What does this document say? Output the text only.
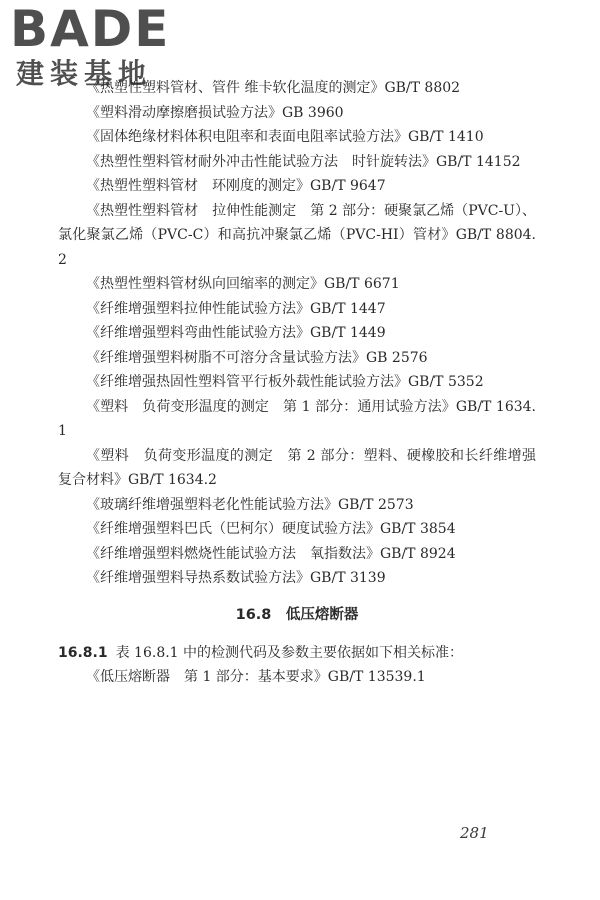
BADE

建装基地

《热塑性塑料管材、管件 维卡软化温度的测定》GB/T 8802

《塑料滑动摩擦磨损试验方法》GB 3960

《固体绝缘材料体积电阻率和表面电阻率试验方法》GB/T 1410

《热塑性塑料管材耐外冲击性能试验方法　时针旋转法》GB/T 14152

《热塑性塑料管材　环刚度的测定》GB/T 9647

《热塑性塑料管材　拉伸性能测定　第 2 部分：硬聚氯乙烯（PVC-U）、氯化聚氯乙烯（PVC-C）和高抗冲聚氯乙烯（PVC-HI）管材》GB/T 8804.2

《热塑性塑料管材纵向回缩率的测定》GB/T 6671

《纤维增强塑料拉伸性能试验方法》GB/T 1447

《纤维增强塑料弯曲性能试验方法》GB/T 1449

《纤维增强塑料树脂不可溶分含量试验方法》GB 2576

《纤维增强热固性塑料管平行板外载性能试验方法》GB/T 5352

《塑料　负荷变形温度的测定　第 1 部分：通用试验方法》GB/T 1634.1

《塑料　负荷变形温度的测定　第 2 部分：塑料、硬橡胶和长纤维增强复合材料》GB/T 1634.2

《玻璃纤维增强塑料老化性能试验方法》GB/T 2573

《纤维增强塑料巴氏（巴柯尔）硬度试验方法》GB/T 3854

《纤维增强塑料燃烧性能试验方法　氧指数法》GB/T 8924

《纤维增强塑料导热系数试验方法》GB/T 3139

16.8　低压熔断器

16.8.1 表 16.8.1 中的检测代码及参数主要依据如下相关标准：

《低压熔断器　第 1 部分：基本要求》GB/T 13539.1

281
